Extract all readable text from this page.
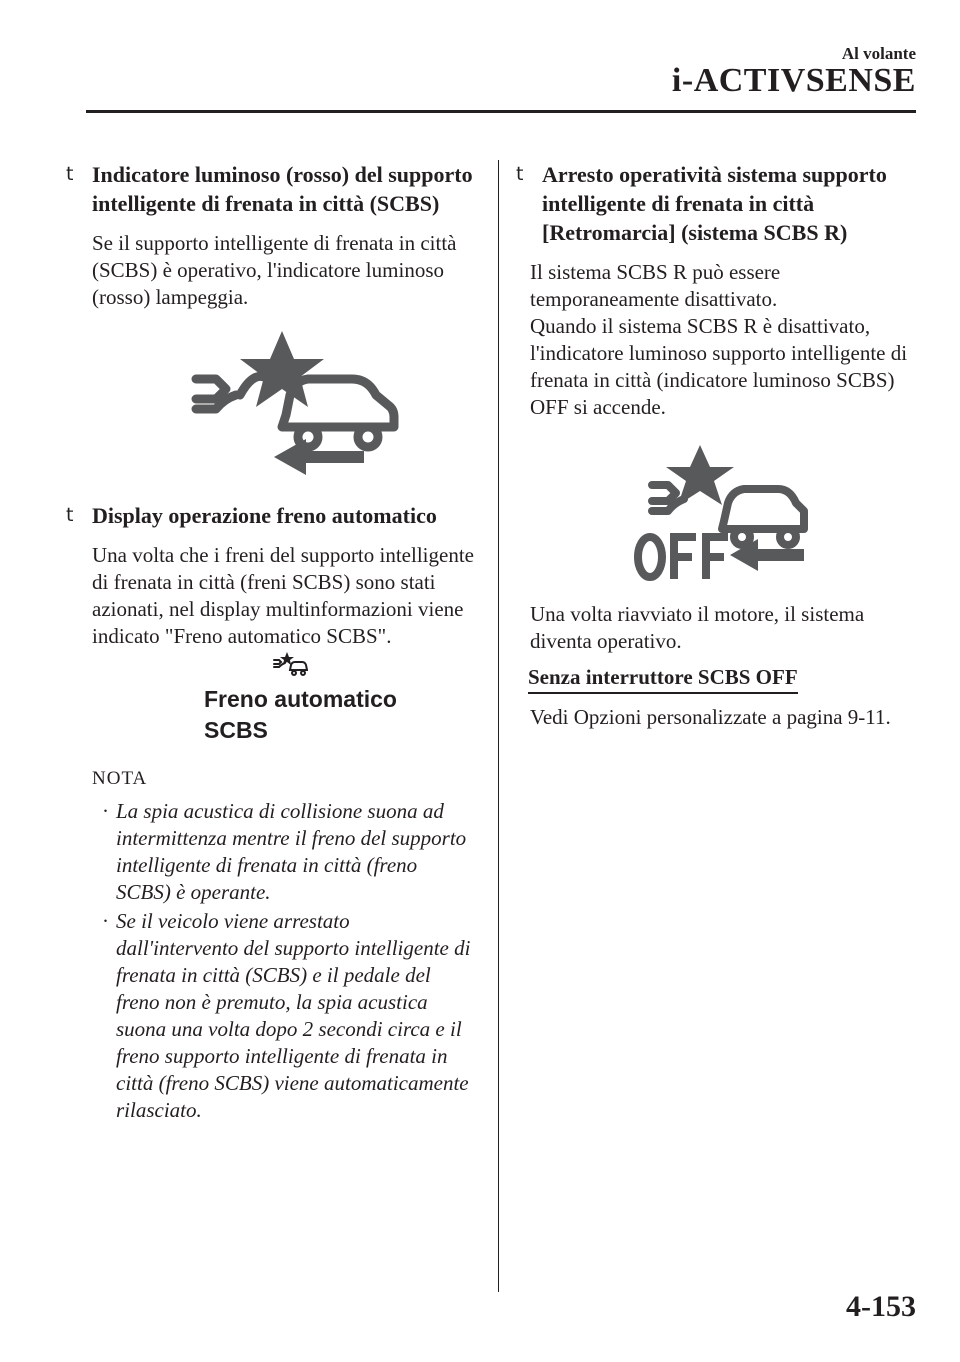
Al volante
i-ACTIVSENSE
t Indicatore luminoso (rosso) del supporto intelligente di frenata in città (SCBS)
Se il supporto intelligente di frenata in città (SCBS) è operativo, l'indicatore luminoso (rosso) lampeggia.
t Display operazione freno automatico
Una volta che i freni del supporto intelligente di frenata in città (freni SCBS) sono stati azionati, nel display multinformazioni viene indicato "Freno automatico SCBS".
Freno automatico
SCBS
NOTA
· La spia acustica di collisione suona ad intermittenza mentre il freno del supporto intelligente di frenata in città (freno SCBS) è operante.
· Se il veicolo viene arrestato dall'intervento del supporto intelligente di frenata in città (SCBS) e il pedale del freno non è premuto, la spia acustica suona una volta dopo 2 secondi circa e il freno supporto intelligente di frenata in città (freno SCBS) viene automaticamente rilasciato.
t Arresto operatività sistema supporto intelligente di frenata in città [Retromarcia] (sistema SCBS R)
Il sistema SCBS R può essere temporaneamente disattivato.
Quando il sistema SCBS R è disattivato, l'indicatore luminoso supporto intelligente di frenata in città (indicatore luminoso SCBS) OFF si accende.
Una volta riavviato il motore, il sistema diventa operativo.
Senza interruttore SCBS OFF
Vedi Opzioni personalizzate a pagina 9-11.
4-153
